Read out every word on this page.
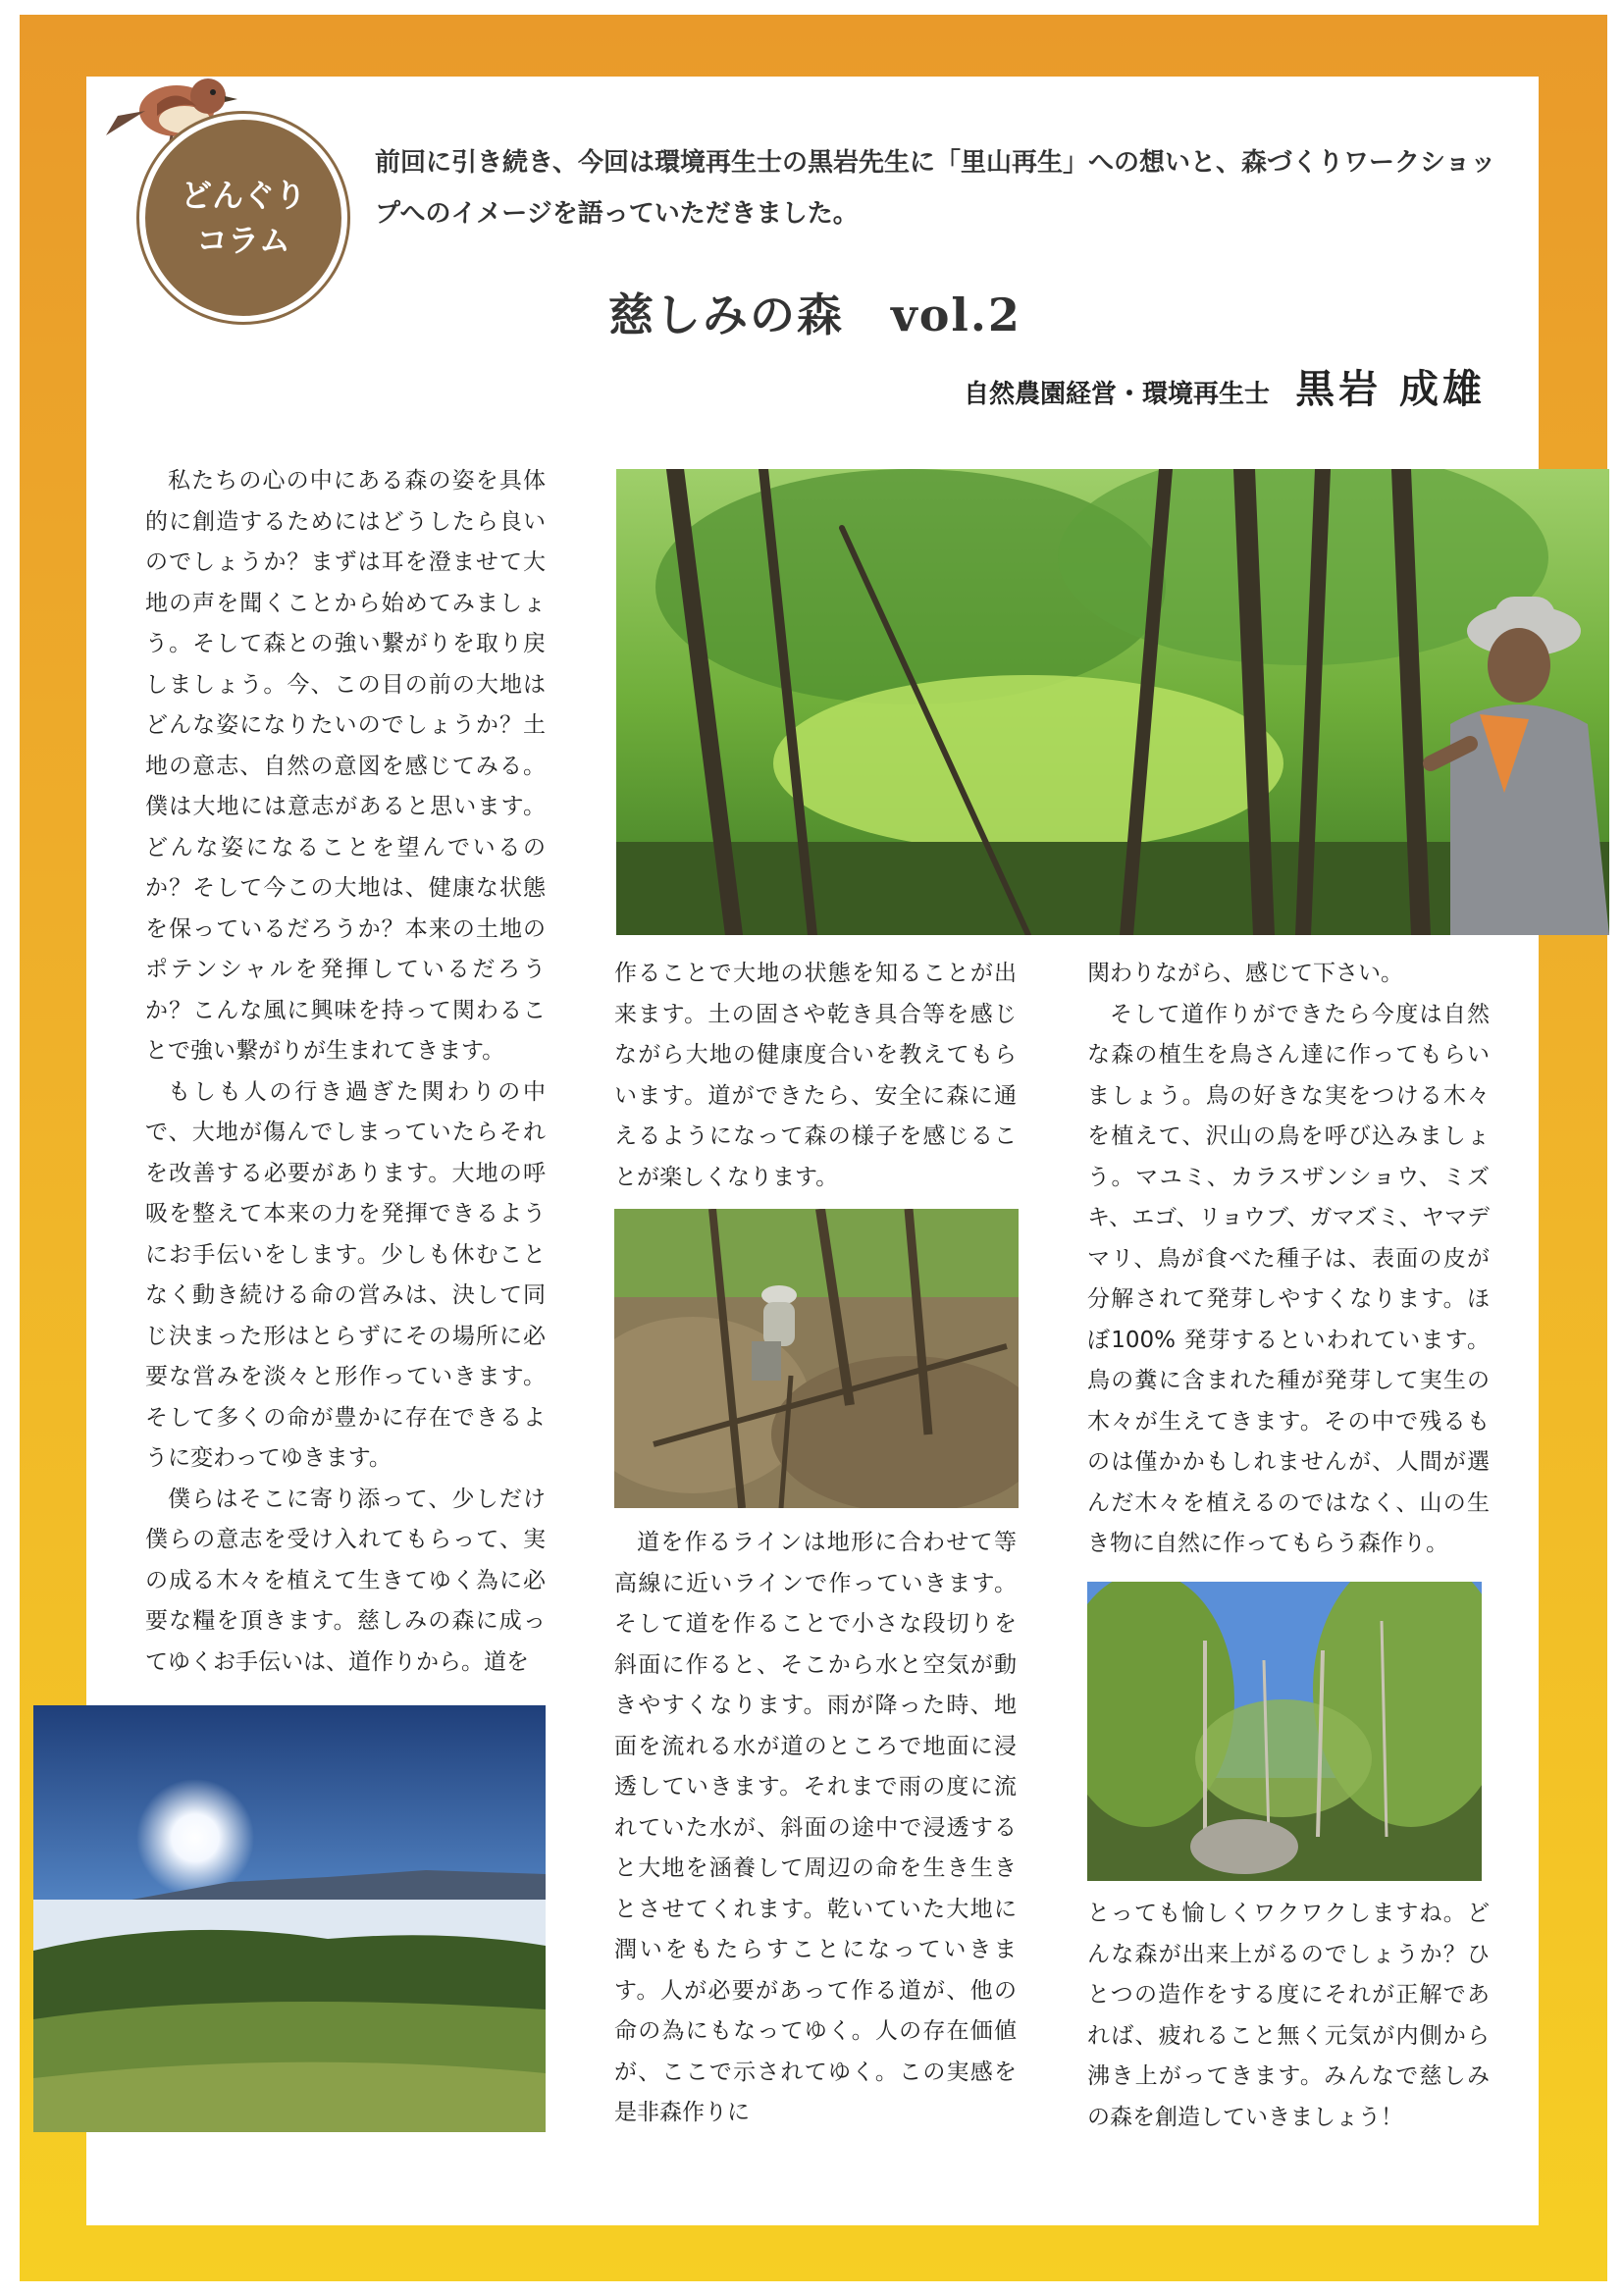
どんぐり
コラム
前回に引き続き、今回は環境再生士の黒岩先生に「里山再生」への想いと、森づくりワークショップへのイメージを語っていただきました。
慈しみの森　vol.2
自然農園経営・環境再生士 黒岩 成雄

私たちの心の中にある森の姿を具体的に創造するためにはどうしたら良いのでしょうか？まずは耳を澄ませて大地の声を聞くことから始めてみましょう。そして森との強い繋がりを取り戻しましょう。今、この目の前の大地はどんな姿になりたいのでしょうか？土地の意志、自然の意図を感じてみる。僕は大地には意志があると思います。どんな姿になることを望んでいるのか？そして今この大地は、健康な状態を保っているだろうか？本来の土地のポテンシャルを発揮しているだろうか？こんな風に興味を持って関わることで強い繋がりが生まれてきます。

もしも人の行き過ぎた関わりの中で、大地が傷んでしまっていたらそれを改善する必要があります。大地の呼吸を整えて本来の力を発揮できるようにお手伝いをします。少しも休むことなく動き続ける命の営みは、決して同じ決まった形はとらずにその場所に必要な営みを淡々と形作っていきます。そして多くの命が豊かに存在できるように変わってゆきます。

僕らはそこに寄り添って、少しだけ僕らの意志を受け入れてもらって、実の成る木々を植えて生きてゆく為に必要な糧を頂きます。慈しみの森に成ってゆくお手伝いは、道作りから。道を

作ることで大地の状態を知ることが出来ます。土の固さや乾き具合等を感じながら大地の健康度合いを教えてもらいます。道ができたら、安全に森に通えるようになって森の様子を感じることが楽しくなります。

道を作るラインは地形に合わせて等高線に近いラインで作っていきます。そして道を作ることで小さな段切りを斜面に作ると、そこから水と空気が動きやすくなります。雨が降った時、地面を流れる水が道のところで地面に浸透していきます。それまで雨の度に流れていた水が、斜面の途中で浸透すると大地を涵養して周辺の命を生き生きとさせてくれます。乾いていた大地に潤いをもたらすことになっていきます。人が必要があって作る道が、他の命の為にもなってゆく。人の存在価値が、ここで示されてゆく。この実感を是非森作りに

関わりながら、感じて下さい。

そして道作りができたら今度は自然な森の植生を鳥さん達に作ってもらいましょう。鳥の好きな実をつける木々を植えて、沢山の鳥を呼び込みましょう。マユミ、カラスザンショウ、ミズキ、エゴ、リョウブ、ガマズミ、ヤマデマリ、鳥が食べた種子は、表面の皮が分解されて発芽しやすくなります。ほぼ100% 発芽するといわれています。鳥の糞に含まれた種が発芽して実生の木々が生えてきます。その中で残るものは僅かかもしれませんが、人間が選んだ木々を植えるのではなく、山の生き物に自然に作ってもらう森作り。

とっても愉しくワクワクしますね。どんな森が出来上がるのでしょうか？ひとつの造作をする度にそれが正解であれば、疲れること無く元気が内側から沸き上がってきます。みんなで慈しみの森を創造していきましょう！
